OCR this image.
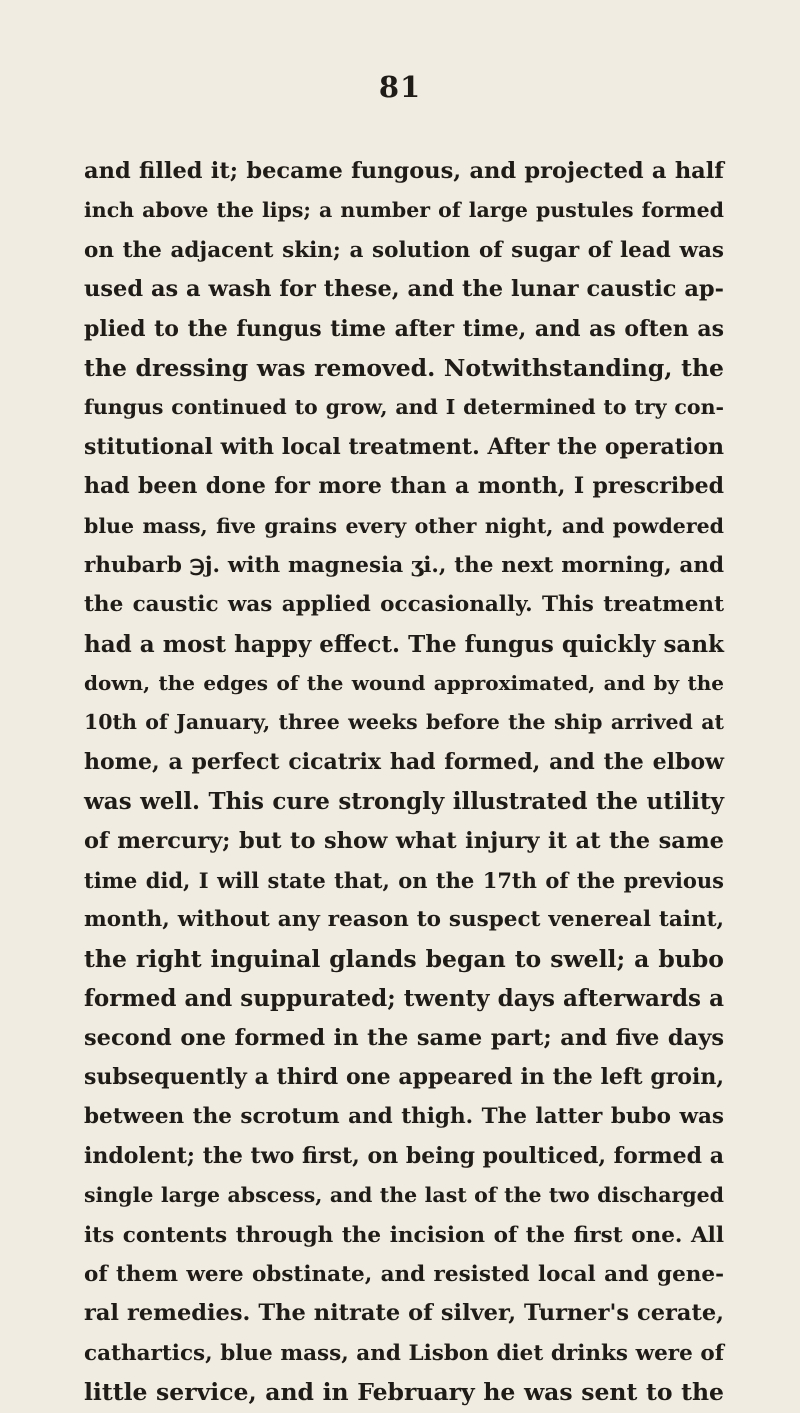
81
and filled it; became fungous, and projected a half
inch above the lips; a number of large pustules formed
on the adjacent skin; a solution of sugar of lead was
used as a wash for these, and the lunar caustic ap-
plied to the fungus time after time, and as often as
the dressing was removed. Notwithstanding, the
fungus continued to grow, and I determined to try con-
stitutional with local treatment. After the operation
had been done for more than a month, I prescribed
blue mass, five grains every other night, and powdered
rhubarb ℈j. with magnesia ʒi., the next morning, and
the caustic was applied occasionally. This treatment
had a most happy effect. The fungus quickly sank
down, the edges of the wound approximated, and by the
10th of January, three weeks before the ship arrived at
home, a perfect cicatrix had formed, and the elbow
was well. This cure strongly illustrated the utility
of mercury; but to show what injury it at the same
time did, I will state that, on the 17th of the previous
month, without any reason to suspect venereal taint,
the right inguinal glands began to swell; a bubo
formed and suppurated; twenty days afterwards a
second one formed in the same part; and five days
subsequently a third one appeared in the left groin,
between the scrotum and thigh. The latter bubo was
indolent; the two first, on being poulticed, formed a
single large abscess, and the last of the two discharged
its contents through the incision of the first one. All
of them were obstinate, and resisted local and gene-
ral remedies. The nitrate of silver, Turner's cerate,
cathartics, blue mass, and Lisbon diet drinks were of
little service, and in February he was sent to the
